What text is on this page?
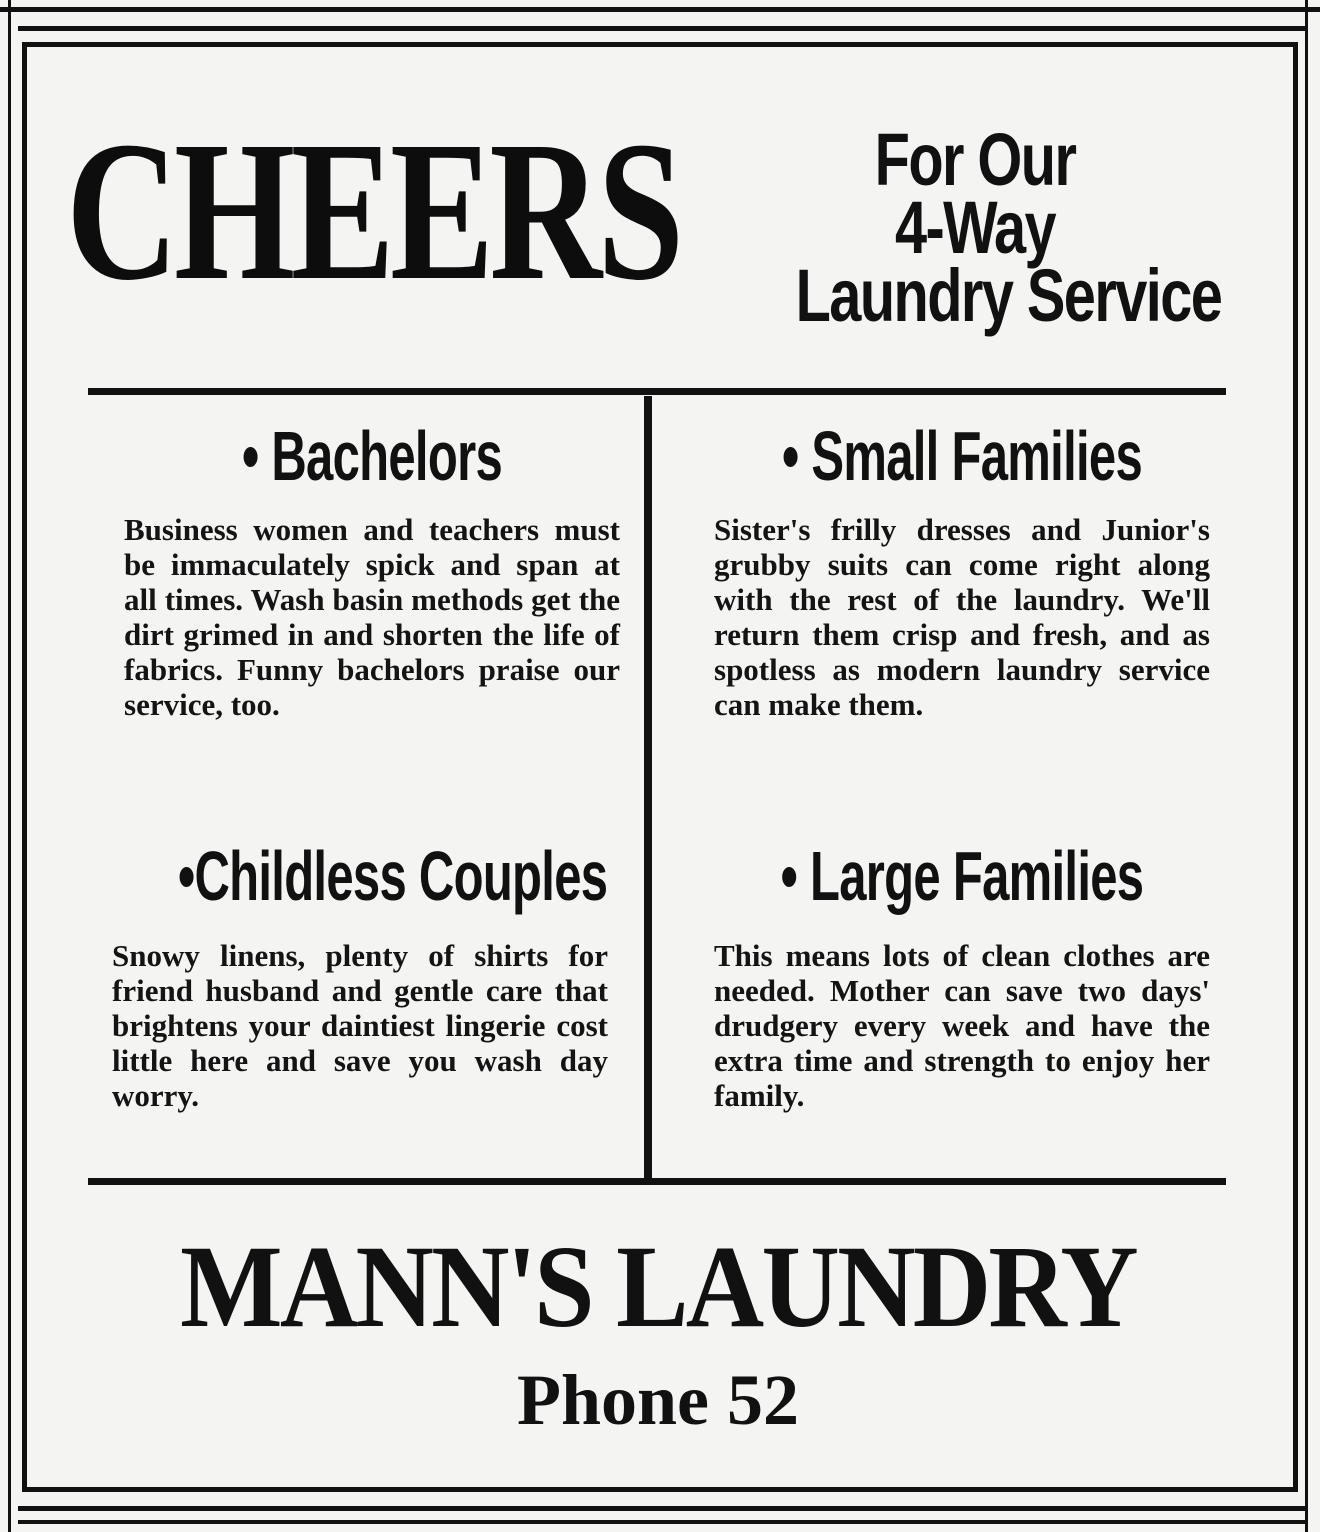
CHEERS	For Our
4-Way
Laundry Service
• Bachelors

Business women and teachers must be immaculately spick and span at all times. Wash basin methods get the dirt grimed in and shorten the life of fabrics. Funny bachelors praise our service, too.

• Small Families

Sister's frilly dresses and Junior's grubby suits can come right along with the rest of the laundry. We'll return them crisp and fresh, and as spotless as modern laundry service can make them.

•Childless Couples

Snowy linens, plenty of shirts for friend husband and gentle care that brightens your daintiest lingerie cost little here and save you wash day worry.

• Large Families

This means lots of clean clothes are needed. Mother can save two days' drudgery every week and have the extra time and strength to enjoy her family.

MANN'S LAUNDRY
Phone 52
